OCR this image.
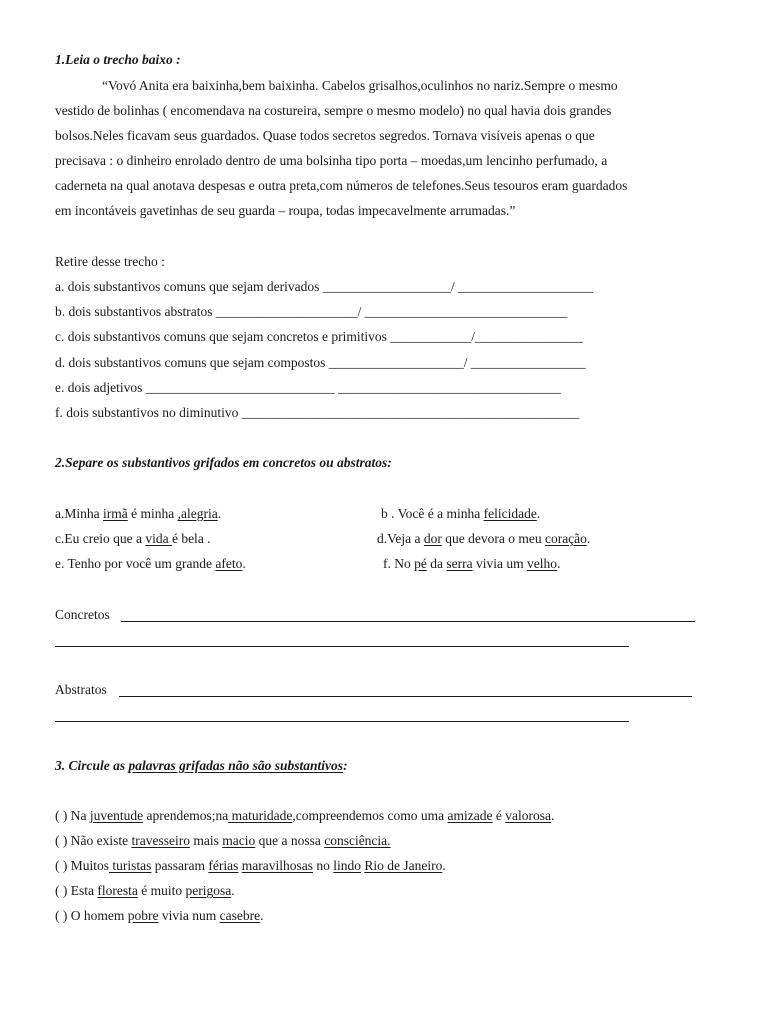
1.Leia o trecho baixo :
“Vovó Anita era baixinha,bem baixinha. Cabelos grisalhos,oculinhos no nariz.Sempre o mesmo
vestido de bolinhas ( encomendava na costureira, sempre o mesmo modelo) no qual havia dois grandes
bolsos.Neles ficavam seus guardados. Quase todos secretos segredos. Tornava visíveis apenas o que
precisava : o dinheiro enrolado dentro de uma bolsinha tipo porta – moedas,um lencinho perfumado, a
caderneta na qual anotava despesas e outra preta,com números de telefones.Seus tesouros eram guardados
em incontáveis gavetinhas de seu guarda – roupa, todas impecavelmente arrumadas.”
Retire desse trecho :
a. dois substantivos comuns que sejam derivados ___________________/ ____________________
b. dois substantivos abstratos _____________________/ ______________________________
c. dois substantivos comuns que sejam concretos e primitivos ____________/________________
d. dois substantivos comuns que sejam compostos ____________________/ _________________
e. dois adjetivos ____________________________ _________________________________
f. dois substantivos no diminutivo __________________________________________________
2.Separe os substantivos grifados em concretos ou abstratos:
a.Minha irmã é minha ,alegria.	b . Você é a minha felicidade.
c.Eu creio que a vida é bela .	d.Veja a dor que devora o meu coração.
e. Tenho por você um grande afeto.	f. No pé da serra vivia um velho.
Concretos
Abstratos
3. Circule as palavras grifadas não são substantivos:
( ) Na juventude aprendemos;na maturidade,compreendemos como uma amizade é valorosa.
( ) Não existe travesseiro mais macio que a nossa consciência.
( ) Muitos turistas passaram férias maravilhosas no lindo Rio de Janeiro.
( ) Esta floresta é muito perigosa.
( ) O homem pobre vivia num casebre.
